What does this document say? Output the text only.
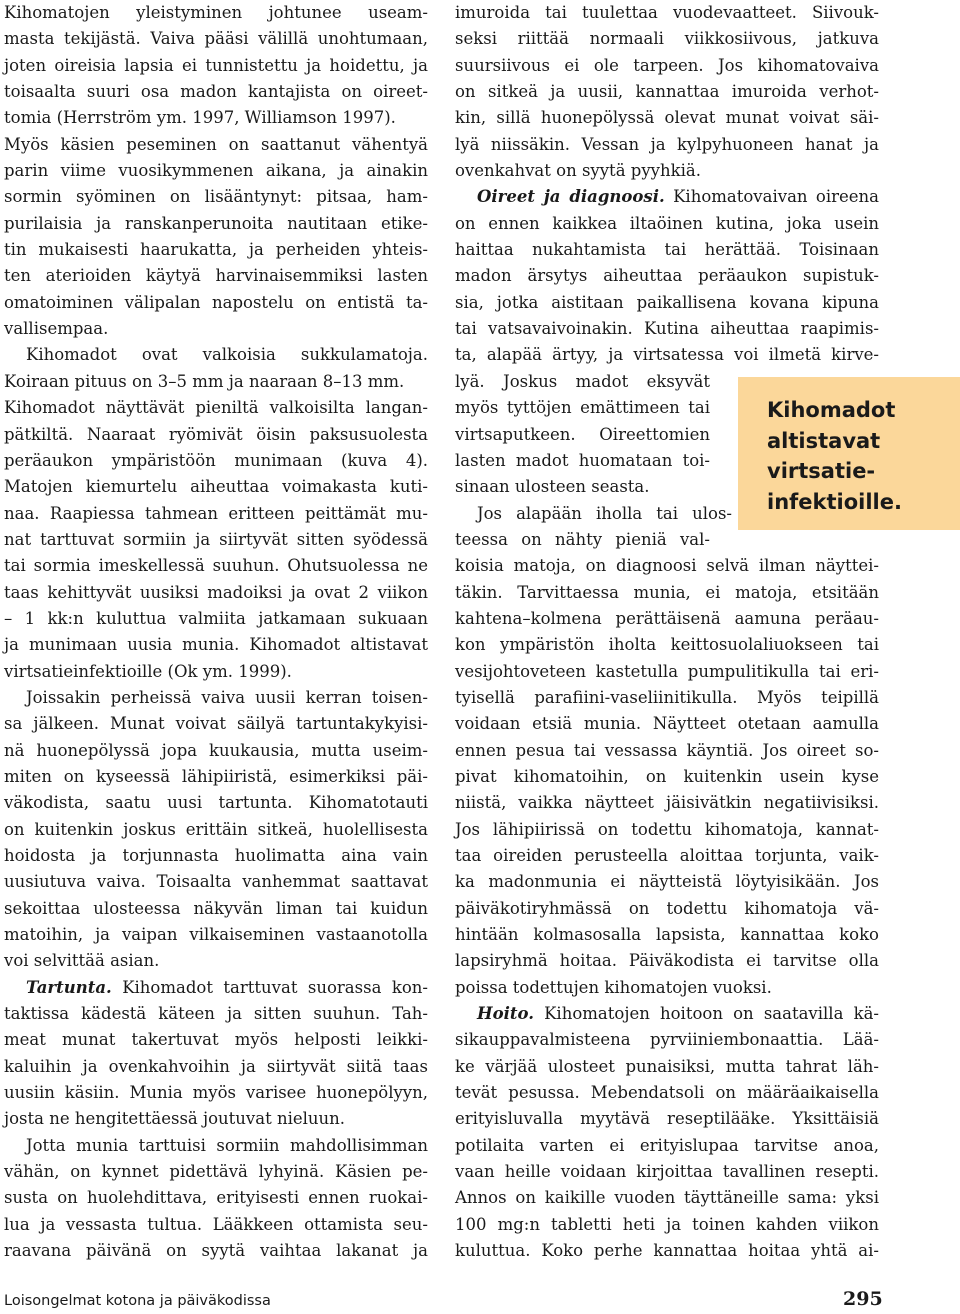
Kihomatojen yleistyminen johtunee useam-
masta tekijästä. Vaiva pääsi välillä unohtumaan,
joten oireisia lapsia ei tunnistettu ja hoidettu, ja
toisaalta suuri osa madon kantajista on oireet-
tomia (Herrström ym. 1997, Williamson 1997).
Myös käsien peseminen on saattanut vähentyä
parin viime vuosikymmenen aikana, ja ainakin
sormin syöminen on lisääntynyt: pitsaa, ham-
purilaisia ja ranskanperunoita nautitaan etike-
tin mukaisesti haarukatta, ja perheiden yhteis-
ten aterioiden käytyä harvinaisemmiksi lasten
omatoiminen välipalan napostelu on entistä ta-
vallisempaa.
Kihomadot ovat valkoisia sukkulamatoja.
Koiraan pituus on 3–5 mm ja naaraan 8–13 mm.
Kihomadot näyttävät pieniltä valkoisilta langan-
pätkiltä. Naaraat ryömivät öisin paksusuolesta
peräaukon ympäristöön munimaan (kuva 4).
Matojen kiemurtelu aiheuttaa voimakasta kuti-
naa. Raapiessa tahmean eritteen peittämät mu-
nat tarttuvat sormiin ja siirtyvät sitten syödessä
tai sormia imeskellessä suuhun. Ohutsuolessa ne
taas kehittyvät uusiksi madoiksi ja ovat 2 viikon
– 1 kk:n kuluttua valmiita jatkamaan sukuaan
ja munimaan uusia munia. Kihomadot altistavat
virtsatieinfektioille (Ok ym. 1999).
Joissakin perheissä vaiva uusii kerran toisen-
sa jälkeen. Munat voivat säilyä tartuntakykyisi-
nä huonepölyssä jopa kuukausia, mutta useim-
miten on kyseessä lähipiiristä, esimerkiksi päi-
väkodista, saatu uusi tartunta. Kihomatotauti
on kuitenkin joskus erittäin sitkeä, huolellisesta
hoidosta ja torjunnasta huolimatta aina vain
uusiutuva vaiva. Toisaalta vanhemmat saattavat
sekoittaa ulosteessa näkyvän liman tai kuidun
matoihin, ja vaipan vilkaiseminen vastaanotolla
voi selvittää asian.
Tartunta. Kihomadot tarttuvat suorassa kon-
taktissa kädestä käteen ja sitten suuhun. Tah-
meat munat takertuvat myös helposti leikki-
kaluihin ja ovenkahvoihin ja siirtyvät siitä taas
uusiin käsiin. Munia myös varisee huonepölyyn,
josta ne hengitettäessä joutuvat nieluun.
Jotta munia tarttuisi sormiin mahdollisimman
vähän, on kynnet pidettävä lyhyinä. Käsien pe-
susta on huolehdittava, erityisesti ennen ruokai-
lua ja vessasta tultua. Lääkkeen ottamista seu-
raavana päivänä on syytä vaihtaa lakanat ja
imuroida tai tuulettaa vuodevaatteet. Siivouk-
seksi riittää normaali viikkosiivous, jatkuva
suursiivous ei ole tarpeen. Jos kihomatovaiva
on sitkeä ja uusii, kannattaa imuroida verhot-
kin, sillä huonepölyssä olevat munat voivat säi-
lyä niissäkin. Vessan ja kylpyhuoneen hanat ja
ovenkahvat on syytä pyyhkiä.
Oireet ja diagnoosi. Kihomatovaivan oireena
on ennen kaikkea iltaöinen kutina, joka usein
haittaa nukahtamista tai herättää. Toisinaan
madon ärsytys aiheuttaa peräaukon supistuk-
sia, jotka aistitaan paikallisena kovana kipuna
tai vatsavaivoinakin. Kutina aiheuttaa raapimis-
ta, alapää ärtyy, ja virtsatessa voi ilmetä kirve-
lyä. Joskus madot eksyvät
myös tyttöjen emättimeen tai
virtsaputkeen. Oireettomien
lasten madot huomataan toi-
sinaan ulosteen seasta.
Jos alapään iholla tai ulos-
teessa on nähty pieniä val-
koisia matoja, on diagnoosi selvä ilman näyttei-
täkin. Tarvittaessa munia, ei matoja, etsitään
kahtena–kolmena perättäisenä aamuna peräau-
kon ympäristön iholta keittosuolaliuokseen tai
vesijohtoveteen kastetulla pumpulitikulla tai eri-
tyisellä parafiini-vaseliinitikulla. Myös teipillä
voidaan etsiä munia. Näytteet otetaan aamulla
ennen pesua tai vessassa käyntiä. Jos oireet so-
pivat kihomatoihin, on kuitenkin usein kyse
niistä, vaikka näytteet jäisivätkin negatiivisiksi.
Jos lähipiirissä on todettu kihomatoja, kannat-
taa oireiden perusteella aloittaa torjunta, vaik-
ka madonmunia ei näytteistä löytyisikään. Jos
päiväkotiryhmässä on todettu kihomatoja vä-
hintään kolmasosalla lapsista, kannattaa koko
lapsiryhmä hoitaa. Päiväkodista ei tarvitse olla
poissa todettujen kihomatojen vuoksi.
Hoito. Kihomatojen hoitoon on saatavilla kä-
sikauppavalmisteena pyrviiniembonaattia. Lää-
ke värjää ulosteet punaisiksi, mutta tahrat läh-
tevät pesussa. Mebendatsoli on määräaikaisella
erityisluvalla myytävä reseptilääke. Yksittäisiä
potilaita varten ei erityislupaa tarvitse anoa,
vaan heille voidaan kirjoittaa tavallinen resepti.
Annos on kaikille vuoden täyttäneille sama: yksi
100 mg:n tabletti heti ja toinen kahden viikon
kuluttua. Koko perhe kannattaa hoitaa yhtä ai-
Kihomadot
altistavat
virtsatie-
infektioille.
Loisongelmat kotona ja päiväkodissa	295
